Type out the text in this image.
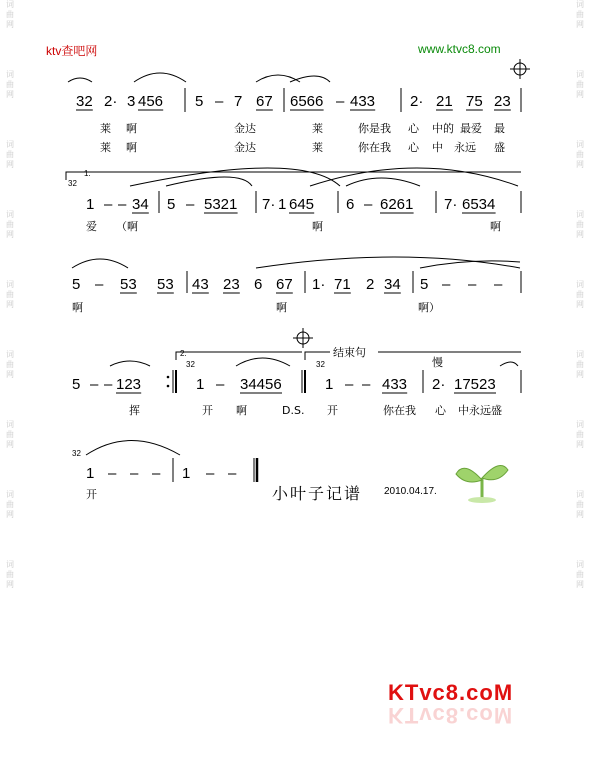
词
曲
网
词
曲
网
词
曲
网
词
曲
网
词
曲
网
词
曲
网
词
曲
网
词
曲
网
词
曲
网
词
曲
网
词
曲
网
词
曲
网
词
曲
网
词
曲
网
词
曲
网
词
曲
网
词
曲
网
词
曲
网
ktv查吧网	www.ktvc8.com
1.
2.	结束句
慢
32
32	32
32
32 2· 3 456 5 – 7 67 6566 – 433 2· 21 75 23
1 – – 34 5 – 5321 7· 1 645 6 – 6261 7· 6534
5 – 53 53 43 23 6 67 1· 71 2 34 5 – – –
5 – – 123	1 – 34456	1 – – 433 2· 17523
1 – – – 1 – –
莱 啊	金达	莱	你是我 心 中的 最爱 最
莱 啊	金达	莱	你在我 心 中 永远 盛
爱 （啊	啊	啊
啊	啊	啊）
挥	开 啊	D.S. 开	你在我 心 中永远盛
开	小叶子记谱 2010.04.17.
KTvc8.coM
KTvc8.coM
